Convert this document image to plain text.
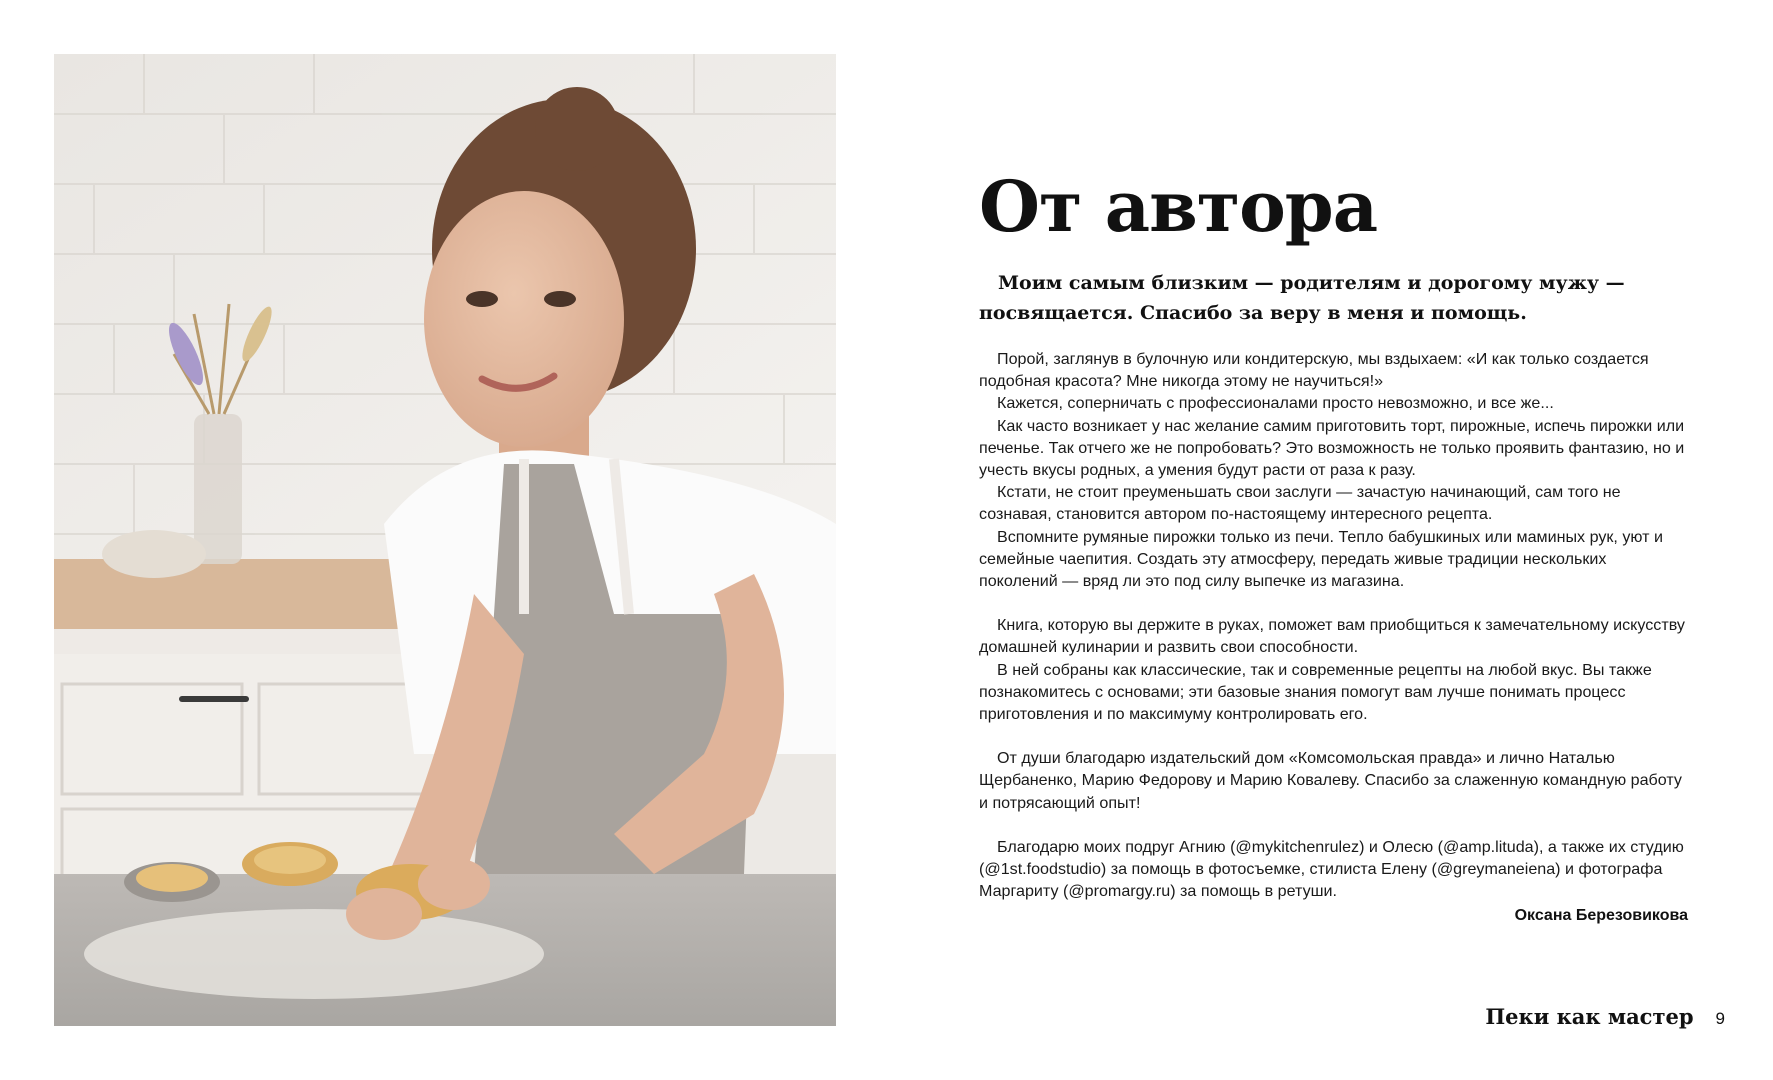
От автора

Моим самым близким — родителям и дорогому мужу — посвящается. Спасибо за веру в меня и помощь.

Порой, заглянув в булочную или кондитерскую, мы вздыхаем: «И как только создается подобная красота? Мне никогда этому не научиться!»

Кажется, соперничать с профессионалами просто невозможно, и все же...

Как часто возникает у нас желание самим приготовить торт, пирожные, испечь пирожки или печенье. Так отчего же не попробовать? Это возможность не только проявить фантазию, но и учесть вкусы родных, а умения будут расти от раза к разу.

Кстати, не стоит преуменьшать свои заслуги — зачастую начинающий, сам того не сознавая, становится автором по-настоящему интересного рецепта.

Вспомните румяные пирожки только из печи. Тепло бабушкиных или маминых рук, уют и семейные чаепития. Создать эту атмосферу, передать живые традиции нескольких поколений — вряд ли это под силу выпечке из магазина.

Книга, которую вы держите в руках, поможет вам приобщиться к замечательному искусству домашней кулинарии и развить свои способности.

В ней собраны как классические, так и современные рецепты на любой вкус. Вы также познакомитесь с основами; эти базовые знания помогут вам лучше понимать процесс приготовления и по максимуму контролировать его.

От души благодарю издательский дом «Комсомольская правда» и лично Наталью Щербаненко, Марию Федорову и Марию Ковалеву. Спасибо за слаженную командную работу и потрясающий опыт!

Благодарю моих подруг Агнию (@mykitchenrulez) и Олесю (@amp.lituda), а также их студию (@1st.foodstudio) за помощь в фотосъемке, стилиста Елену (@greymaneiena) и фотографа Маргариту (@promargy.ru) за помощь в ретуши.

Оксана Березовикова

Пеки как мастер 9
